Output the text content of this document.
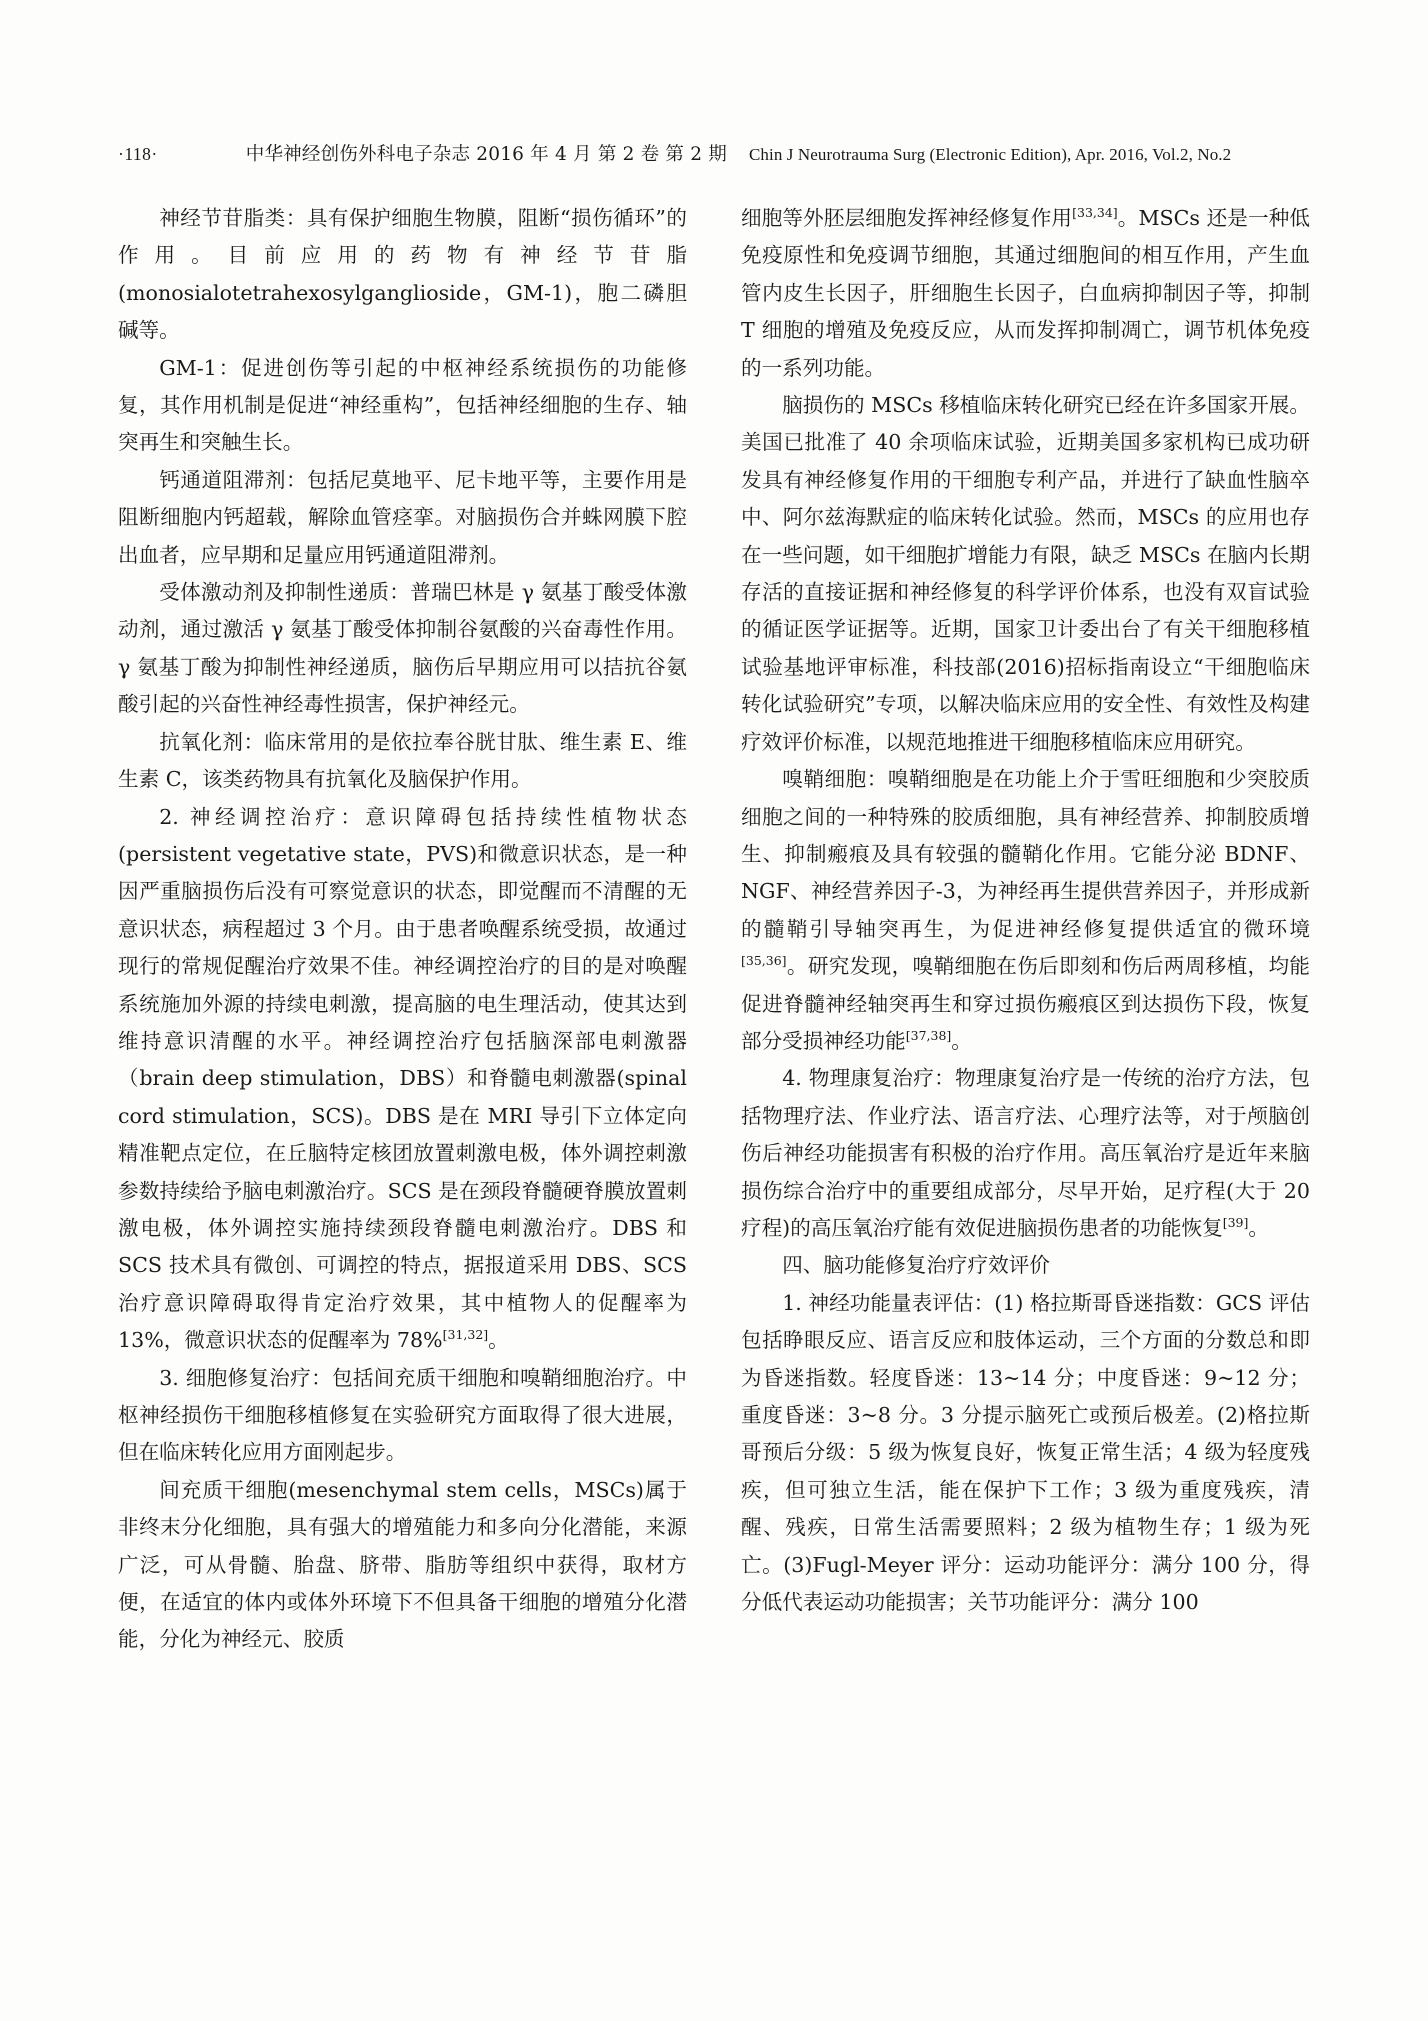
·118·	中华神经创伤外科电子杂志 2016 年 4 月 第 2 卷 第 2 期 Chin J Neurotrauma Surg (Electronic Edition), Apr. 2016, Vol.2, No.2

神经节苷脂类：具有保护细胞生物膜，阻断“损伤循环”的作用。目前应用的药物有神经节苷脂(monosialotetrahexosylganglioside，GM-1)，胞二磷胆碱等。

GM-1：促进创伤等引起的中枢神经系统损伤的功能修复，其作用机制是促进“神经重构”，包括神经细胞的生存、轴突再生和突触生长。

钙通道阻滞剂：包括尼莫地平、尼卡地平等，主要作用是阻断细胞内钙超载，解除血管痉挛。对脑损伤合并蛛网膜下腔出血者，应早期和足量应用钙通道阻滞剂。

受体激动剂及抑制性递质：普瑞巴林是 γ 氨基丁酸受体激动剂，通过激活 γ 氨基丁酸受体抑制谷氨酸的兴奋毒性作用。γ 氨基丁酸为抑制性神经递质，脑伤后早期应用可以拮抗谷氨酸引起的兴奋性神经毒性损害，保护神经元。

抗氧化剂：临床常用的是依拉奉谷胱甘肽、维生素 E、维生素 C，该类药物具有抗氧化及脑保护作用。

2. 神经调控治疗：意识障碍包括持续性植物状态(persistent vegetative state，PVS)和微意识状态，是一种因严重脑损伤后没有可察觉意识的状态，即觉醒而不清醒的无意识状态，病程超过 3 个月。由于患者唤醒系统受损，故通过现行的常规促醒治疗效果不佳。神经调控治疗的目的是对唤醒系统施加外源的持续电刺激，提高脑的电生理活动，使其达到维持意识清醒的水平。神经调控治疗包括脑深部电刺激器（brain deep stimulation，DBS）和脊髓电刺激器(spinal cord stimulation，SCS)。DBS 是在 MRI 导引下立体定向精准靶点定位，在丘脑特定核团放置刺激电极，体外调控刺激参数持续给予脑电刺激治疗。SCS 是在颈段脊髓硬脊膜放置刺激电极，体外调控实施持续颈段脊髓电刺激治疗。DBS 和 SCS 技术具有微创、可调控的特点，据报道采用 DBS、SCS 治疗意识障碍取得肯定治疗效果，其中植物人的促醒率为 13%，微意识状态的促醒率为 78%[31,32]。

3. 细胞修复治疗：包括间充质干细胞和嗅鞘细胞治疗。中枢神经损伤干细胞移植修复在实验研究方面取得了很大进展，但在临床转化应用方面刚起步。

间充质干细胞(mesenchymal stem cells，MSCs)属于非终末分化细胞，具有强大的增殖能力和多向分化潜能，来源广泛，可从骨髓、胎盘、脐带、脂肪等组织中获得，取材方便，在适宜的体内或体外环境下不但具备干细胞的增殖分化潜能，分化为神经元、胶质

细胞等外胚层细胞发挥神经修复作用[33,34]。MSCs 还是一种低免疫原性和免疫调节细胞，其通过细胞间的相互作用，产生血管内皮生长因子，肝细胞生长因子，白血病抑制因子等，抑制 T 细胞的增殖及免疫反应，从而发挥抑制凋亡，调节机体免疫的一系列功能。

脑损伤的 MSCs 移植临床转化研究已经在许多国家开展。美国已批准了 40 余项临床试验，近期美国多家机构已成功研发具有神经修复作用的干细胞专利产品，并进行了缺血性脑卒中、阿尔兹海默症的临床转化试验。然而，MSCs 的应用也存在一些问题，如干细胞扩增能力有限，缺乏 MSCs 在脑内长期存活的直接证据和神经修复的科学评价体系，也没有双盲试验的循证医学证据等。近期，国家卫计委出台了有关干细胞移植试验基地评审标准，科技部(2016)招标指南设立“干细胞临床转化试验研究”专项，以解决临床应用的安全性、有效性及构建疗效评价标准，以规范地推进干细胞移植临床应用研究。

嗅鞘细胞：嗅鞘细胞是在功能上介于雪旺细胞和少突胶质细胞之间的一种特殊的胶质细胞，具有神经营养、抑制胶质增生、抑制瘢痕及具有较强的髓鞘化作用。它能分泌 BDNF、NGF、神经营养因子-3，为神经再生提供营养因子，并形成新的髓鞘引导轴突再生，为促进神经修复提供适宜的微环境[35,36]。研究发现，嗅鞘细胞在伤后即刻和伤后两周移植，均能促进脊髓神经轴突再生和穿过损伤瘢痕区到达损伤下段，恢复部分受损神经功能[37,38]。

4. 物理康复治疗：物理康复治疗是一传统的治疗方法，包括物理疗法、作业疗法、语言疗法、心理疗法等，对于颅脑创伤后神经功能损害有积极的治疗作用。高压氧治疗是近年来脑损伤综合治疗中的重要组成部分，尽早开始，足疗程(大于 20 疗程)的高压氧治疗能有效促进脑损伤患者的功能恢复[39]。

四、脑功能修复治疗疗效评价

1. 神经功能量表评估：(1) 格拉斯哥昏迷指数：GCS 评估包括睁眼反应、语言反应和肢体运动，三个方面的分数总和即为昏迷指数。轻度昏迷：13~14 分；中度昏迷：9~12 分；重度昏迷：3~8 分。3 分提示脑死亡或预后极差。(2)格拉斯哥预后分级：5 级为恢复良好，恢复正常生活；4 级为轻度残疾，但可独立生活，能在保护下工作；3 级为重度残疾，清醒、残疾，日常生活需要照料；2 级为植物生存；1 级为死亡。(3)Fugl-Meyer 评分：运动功能评分：满分 100 分，得分低代表运动功能损害；关节功能评分：满分 100
